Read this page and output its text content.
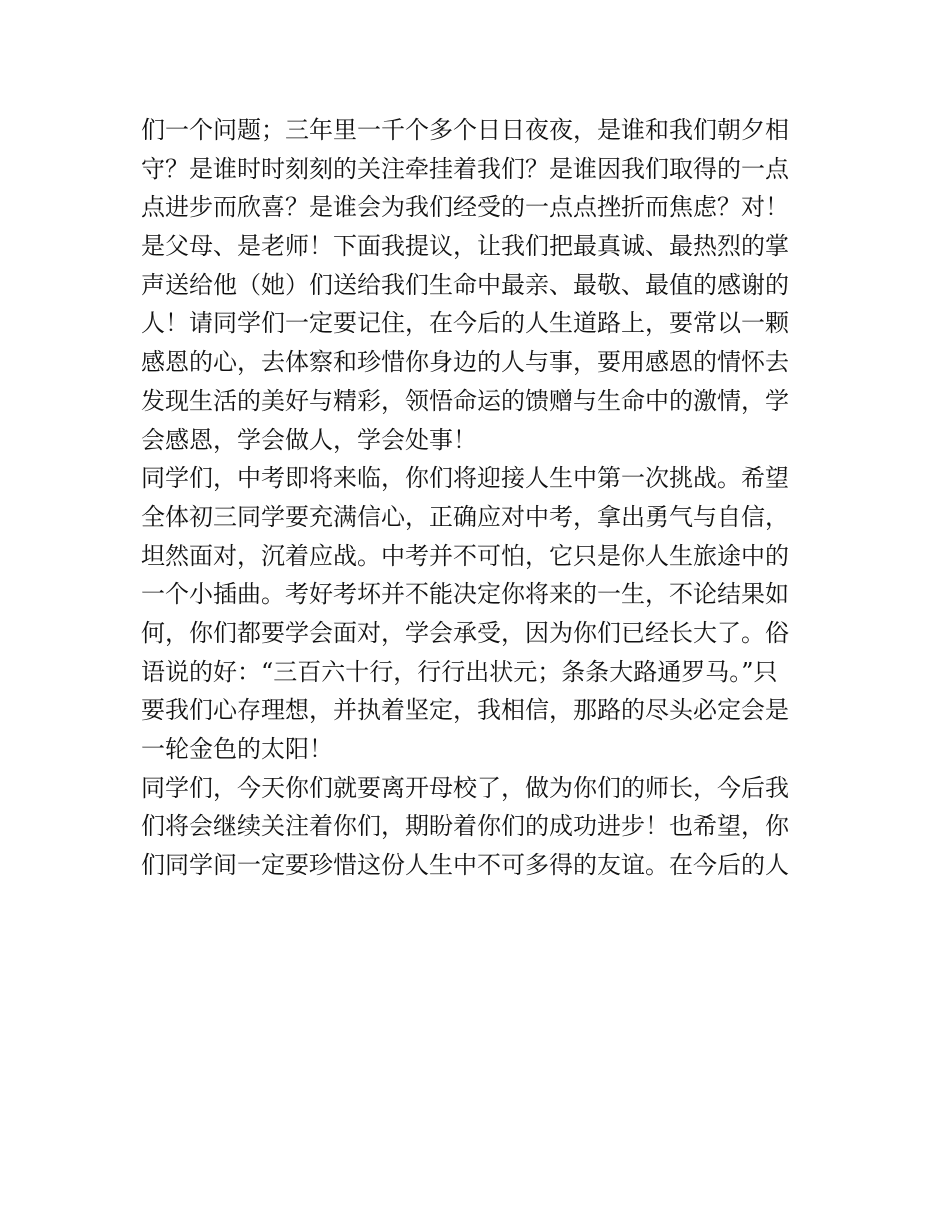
们一个问题；三年里一千个多个日日夜夜，是谁和我们朝夕相
守？是谁时时刻刻的关注牵挂着我们？是谁因我们取得的一点
点进步而欣喜？是谁会为我们经受的一点点挫折而焦虑？对！
是父母、是老师！下面我提议，让我们把最真诚、最热烈的掌
声送给他（她）们送给我们生命中最亲、最敬、最值的感谢的
人！请同学们一定要记住，在今后的人生道路上，要常以一颗
感恩的心，去体察和珍惜你身边的人与事，要用感恩的情怀去
发现生活的美好与精彩，领悟命运的馈赠与生命中的激情，学
会感恩，学会做人，学会处事！
同学们，中考即将来临，你们将迎接人生中第一次挑战。希望
全体初三同学要充满信心，正确应对中考，拿出勇气与自信，
坦然面对，沉着应战。中考并不可怕，它只是你人生旅途中的
一个小插曲。考好考坏并不能决定你将来的一生，不论结果如
何，你们都要学会面对，学会承受，因为你们已经长大了。俗
语说的好：“三百六十行，行行出状元；条条大路通罗马。”只
要我们心存理想，并执着坚定，我相信，那路的尽头必定会是
一轮金色的太阳！
同学们，今天你们就要离开母校了，做为你们的师长，今后我
们将会继续关注着你们，期盼着你们的成功进步！也希望，你
们同学间一定要珍惜这份人生中不可多得的友谊。在今后的人
